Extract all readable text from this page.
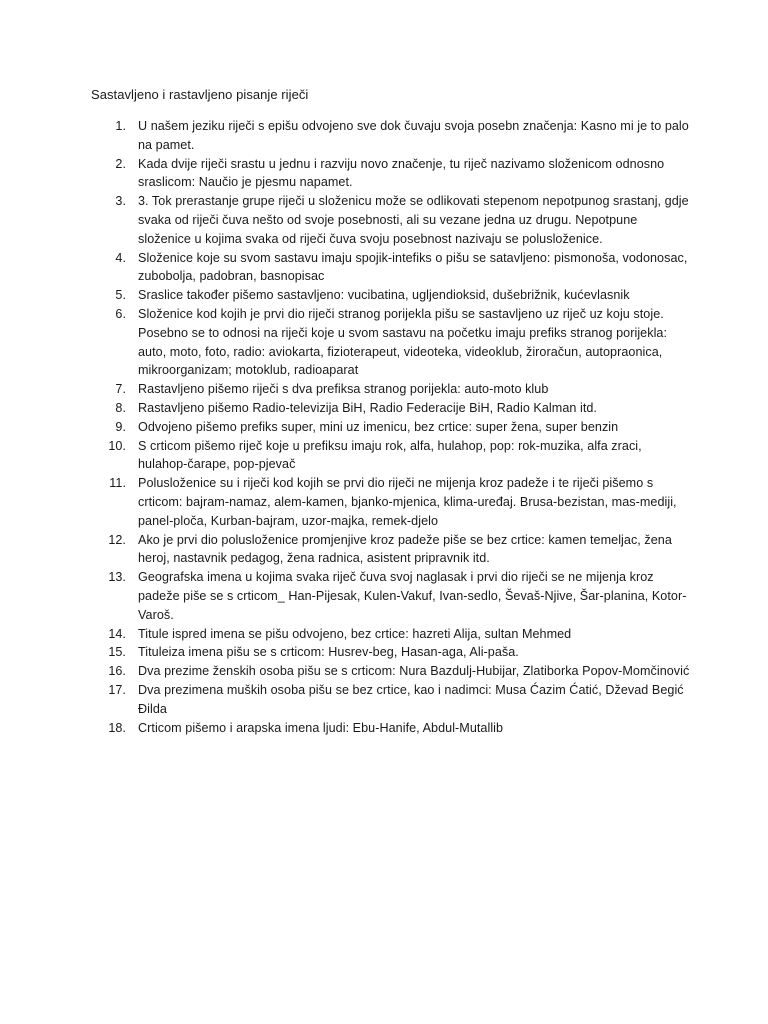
Sastavljeno i rastavljeno pisanje riječi
1. U našem jeziku riječi s epišu odvojeno sve dok čuvaju svoja posebn značenja: Kasno mi je to palo na pamet.
2. Kada dvije riječi srastu u jednu i razviju novo značenje, tu riječ nazivamo složenicom odnosno sraslicom: Naučio je pjesmu napamet.
3. 3. Tok prerastanje grupe riječi u složenicu može se odlikovati stepenom nepotpunog srastanj, gdje svaka od riječi čuva nešto od svoje posebnosti, ali su vezane jedna uz drugu. Nepotpune složenice u kojima svaka od riječi čuva svoju posebnost nazivaju se polusloženice.
4. Složenice koje su svom sastavu imaju spojik-intefiks o pišu se satavljeno: pismonoša, vodonosac, zubobolja, padobran, basnopisac
5. Sraslice također pišemo sastavljeno: vucibatina, ugljendioksid, dušebrižnik, kućevlasnik
6. Složenice kod kojih je prvi dio riječi stranog porijekla pišu se sastavljeno uz riječ uz koju stoje. Posebno se to odnosi na riječi koje u svom sastavu na početku imaju prefiks stranog porijekla: auto, moto, foto, radio: aviokarta, fizioterapeut, videoteka, videoklub, žiroračun, autopraonica, mikroorganizam; motoklub, radioaparat
7. Rastavljeno pišemo riječi s dva prefiksa stranog porijekla: auto-moto klub
8. Rastavljeno pišemo Radio-televizija BiH, Radio Federacije BiH, Radio Kalman itd.
9. Odvojeno pišemo prefiks super, mini uz imenicu, bez crtice: super žena, super benzin
10. S crticom pišemo riječ koje u prefiksu imaju rok, alfa, hulahop, pop: rok-muzika, alfa zraci, hulahop-čarape, pop-pjevač
11. Polusloženice su i riječi kod kojih se prvi dio riječi ne mijenja kroz padeže i te riječi pišemo s crticom: bajram-namaz, alem-kamen, bjanko-mjenica, klima-uređaj. Brusa-bezistan, mas-mediji, panel-ploča, Kurban-bajram, uzor-majka, remek-djelo
12. Ako je prvi dio polusloženice promjenjive kroz padeže piše se bez crtice: kamen temeljac, žena heroj, nastavnik pedagog, žena radnica, asistent pripravnik itd.
13. Geografska imena u kojima svaka riječ čuva svoj naglasak i prvi dio riječi se ne mijenja kroz padeže piše se s crticom_ Han-Pijesak, Kulen-Vakuf, Ivan-sedlo, Ševaš-Njive, Šar-planina, Kotor-Varoš.
14. Titule ispred imena se pišu odvojeno, bez crtice: hazreti Alija, sultan Mehmed
15. Tituleiza imena pišu se s crticom: Husrev-beg, Hasan-aga, Ali-paša.
16. Dva prezime ženskih osoba pišu se s crticom: Nura Bazdulj-Hubijar, Zlatiborka Popov-Momčinović
17. Dva prezimena muških osoba pišu se bez crtice, kao i nadimci: Musa Ćazim Ćatić, Dževad Begić Đilda
18. Crticom pišemo i arapska imena ljudi: Ebu-Hanife, Abdul-Mutallib
